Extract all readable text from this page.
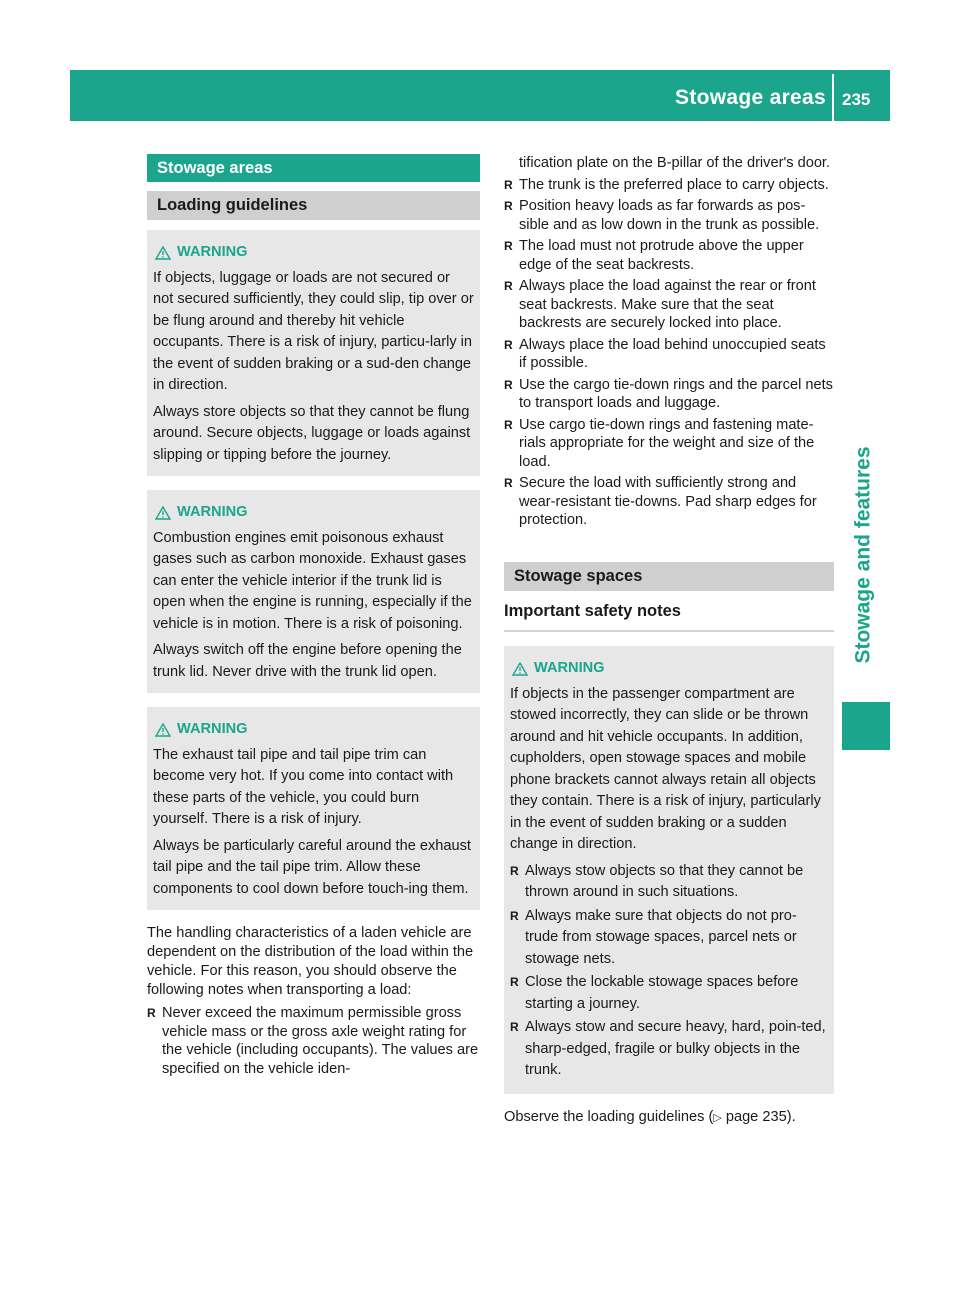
Stowage areas 235
Stowage and features
Stowage areas
Loading guidelines
WARNING

If objects, luggage or loads are not secured or not secured sufficiently, they could slip, tip over or be flung around and thereby hit vehicle occupants. There is a risk of injury, particu-larly in the event of sudden braking or a sud-den change in direction.

Always store objects so that they cannot be flung around. Secure objects, luggage or loads against slipping or tipping before the journey.

WARNING

Combustion engines emit poisonous exhaust gases such as carbon monoxide. Exhaust gases can enter the vehicle interior if the trunk lid is open when the engine is running, especially if the vehicle is in motion. There is a risk of poisoning.

Always switch off the engine before opening the trunk lid. Never drive with the trunk lid open.

WARNING

The exhaust tail pipe and tail pipe trim can become very hot. If you come into contact with these parts of the vehicle, you could burn yourself. There is a risk of injury.

Always be particularly careful around the exhaust tail pipe and the tail pipe trim. Allow these components to cool down before touch-ing them.

The handling characteristics of a laden vehicle are dependent on the distribution of the load within the vehicle. For this reason, you should observe the following notes when transporting a load:

R Never exceed the maximum permissible gross vehicle mass or the gross axle weight rating for the vehicle (including occupants). The values are specified on the vehicle iden-

tification plate on the B-pillar of the driver's door.

R The trunk is the preferred place to carry objects.
R Position heavy loads as far forwards as pos-sible and as low down in the trunk as possible.
R The load must not protrude above the upper edge of the seat backrests.
R Always place the load against the rear or front seat backrests. Make sure that the seat backrests are securely locked into place.
R Always place the load behind unoccupied seats if possible.
R Use the cargo tie-down rings and the parcel nets to transport loads and luggage.
R Use cargo tie-down rings and fastening mate-rials appropriate for the weight and size of the load.
R Secure the load with sufficiently strong and wear-resistant tie-downs. Pad sharp edges for protection.
Stowage spaces
Important safety notes
WARNING

If objects in the passenger compartment are stowed incorrectly, they can slide or be thrown around and hit vehicle occupants. In addition, cupholders, open stowage spaces and mobile phone brackets cannot always retain all objects they contain. There is a risk of injury, particularly in the event of sudden braking or a sudden change in direction.

R Always stow objects so that they cannot be thrown around in such situations.
R Always make sure that objects do not pro-trude from stowage spaces, parcel nets or stowage nets.
R Close the lockable stowage spaces before starting a journey.
R Always stow and secure heavy, hard, poin-ted, sharp-edged, fragile or bulky objects in the trunk.
Observe the loading guidelines (▷ page 235).
